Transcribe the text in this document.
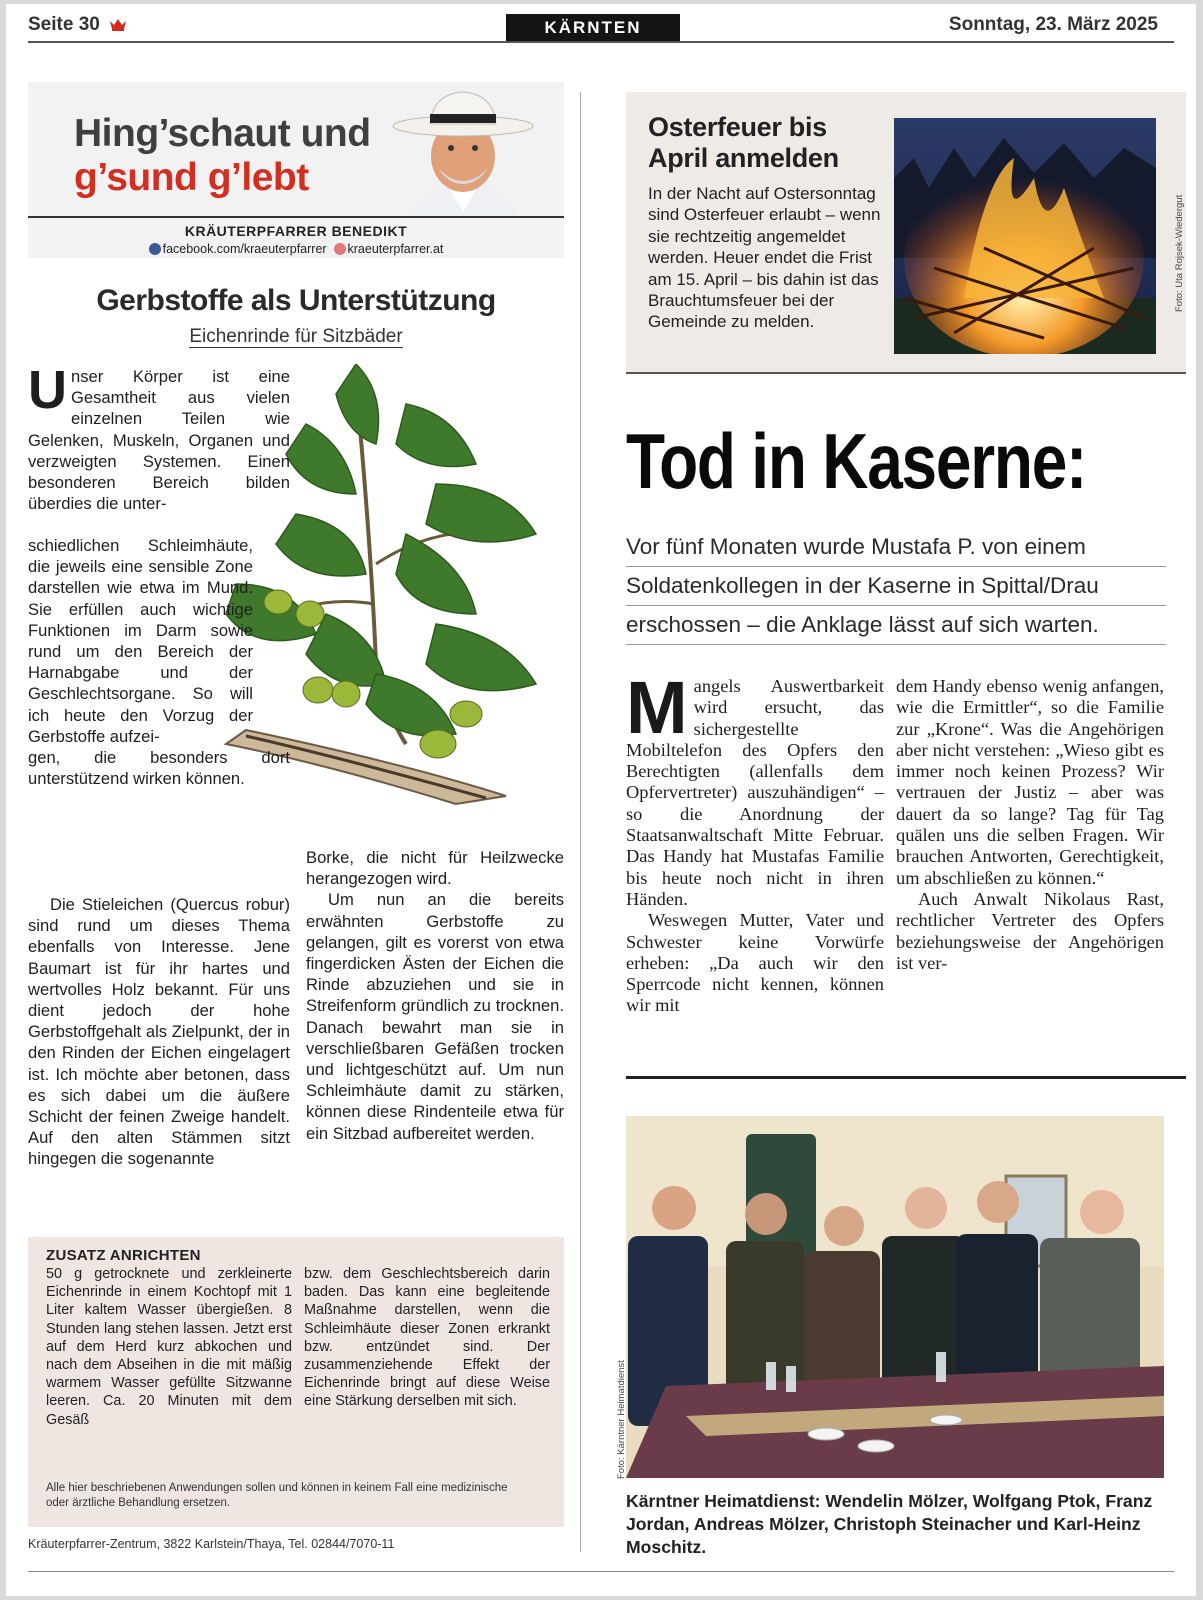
Seite 30	KÄRNTEN	Sonntag, 23. März 2025
Hing’schaut und
g’sund g’lebt
KRÄUTERPFARRER BENEDIKT
facebook.com/kraeuterpfarrer kraeuterpfarrer.at
Gerbstoffe als Unterstützung
Eichenrinde für Sitzbäder
Unser Körper ist eine Gesamtheit aus vielen einzelnen Teilen wie Gelenken, Muskeln, Organen und verzweigten Systemen. Einen besonderen Bereich bilden überdies die unter-
schiedlichen Schleimhäute, die jeweils eine sensible Zone darstellen wie etwa im Mund. Sie erfüllen auch wichtige Funktionen im Darm sowie rund um den Bereich der Harnabgabe und der Geschlechtsorgane. So will ich heute den Vorzug der Gerbstoffe aufzei-
gen, die besonders dort unterstützend wirken können.
Die Stieleichen (Quercus robur) sind rund um dieses Thema ebenfalls von Interesse. Jene Baumart ist für ihr hartes und wertvolles Holz bekannt. Für uns dient jedoch der hohe Gerbstoffgehalt als Zielpunkt, der in den Rinden der Eichen eingelagert ist. Ich möchte aber betonen, dass es sich dabei um die äußere Schicht der feinen Zweige handelt. Auf den alten Stämmen sitzt hingegen die sogenannte
Borke, die nicht für Heilzwecke herangezogen wird.
Um nun an die bereits erwähnten Gerbstoffe zu gelangen, gilt es vorerst von etwa fingerdicken Ästen der Eichen die Rinde abzuziehen und sie in Streifenform gründlich zu trocknen. Danach bewahrt man sie in verschließbaren Gefäßen trocken und lichtgeschützt auf. Um nun Schleimhäute damit zu stärken, können diese Rindenteile etwa für ein Sitzbad aufbereitet werden.
ZUSATZ ANRICHTEN
50 g getrocknete und zerkleinerte Eichenrinde in einem Kochtopf mit 1 Liter kaltem Wasser übergießen. 8 Stunden lang stehen lassen. Jetzt erst auf dem Herd kurz abkochen und nach dem Abseihen in die mit mäßig warmem Wasser gefüllte Sitzwanne leeren. Ca. 20 Minuten mit dem Gesäß
bzw. dem Geschlechtsbereich darin baden. Das kann eine begleitende Maßnahme darstellen, wenn die Schleimhäute dieser Zonen erkrankt bzw. entzündet sind. Der zusammenziehende Effekt der Eichenrinde bringt auf diese Weise eine Stärkung derselben mit sich.
Alle hier beschriebenen Anwendungen sollen und können in keinem Fall eine medizinische oder ärztliche Behandlung ersetzen.
Kräuterpfarrer-Zentrum, 3822 Karlstein/Thaya, Tel. 02844/7070-11
Osterfeuer bis
April anmelden
In der Nacht auf Ostersonntag sind Osterfeuer erlaubt – wenn sie rechtzeitig angemeldet werden. Heuer endet die Frist am 15. April – bis dahin ist das Brauchtumsfeuer bei der Gemeinde zu melden.
Foto: Uta Rojsek-Wiedergut
Tod in Kaserne:
Vor fünf Monaten wurde Mustafa P. von einem
Soldatenkollegen in der Kaserne in Spittal/Drau
erschossen – die Anklage lässt auf sich warten.
Mangels Auswertbarkeit wird ersucht, das sichergestellte Mobiltelefon des Opfers den Berechtigten (allenfalls dem Opfervertreter) auszuhändigen“ – so die Anordnung der Staatsanwaltschaft Mitte Februar. Das Handy hat Mustafas Familie bis heute noch nicht in ihren Händen.
Weswegen Mutter, Vater und Schwester keine Vorwürfe erheben: „Da auch wir den Sperrcode nicht kennen, können wir mit
dem Handy ebenso wenig anfangen, wie die Ermittler“, so die Familie zur „Krone“. Was die Angehörigen aber nicht verstehen: „Wieso gibt es immer noch keinen Prozess? Wir vertrauen der Justiz – aber was dauert da so lange? Tag für Tag quälen uns die selben Fragen. Wir brauchen Antworten, Gerechtigkeit, um abschließen zu können.“
Auch Anwalt Nikolaus Rast, rechtlicher Vertreter des Opfers beziehungsweise der Angehörigen ist ver-
Foto: Kärntner Heimatdienst
Kärntner Heimatdienst: Wendelin Mölzer, Wolfgang Ptok, Franz Jordan, Andreas Mölzer, Christoph Steinacher und Karl-Heinz Moschitz.
